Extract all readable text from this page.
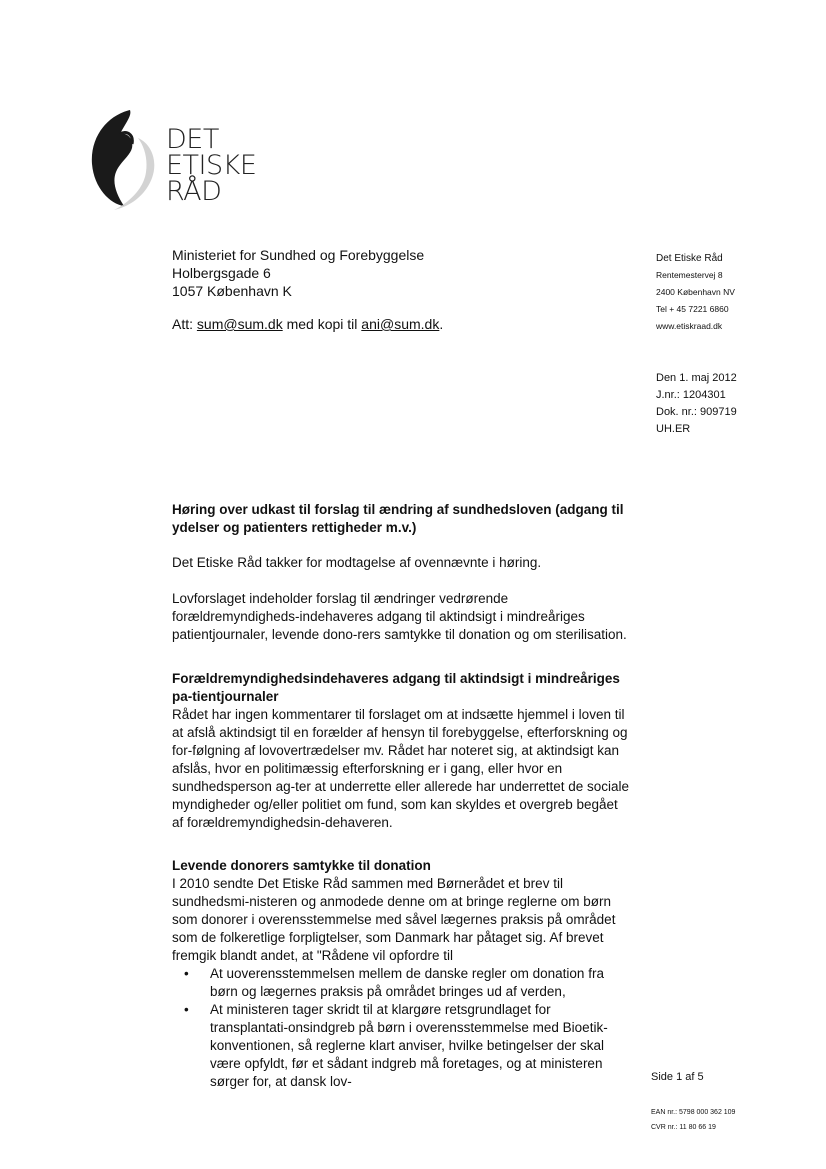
DET
ETISKE
RÅD
Ministeriet for Sundhed og Forebyggelse
Holbergsgade 6
1057 København K
Att: sum@sum.dk med kopi til ani@sum.dk.
Det Etiske Råd
Rentemestervej 8
2400 København NV
Tel + 45 7221 6860
www.etiskraad.dk
Den 1. maj 2012
J.nr.: 1204301
Dok. nr.: 909719
UH.ER
Høring over udkast til forslag til ændring af sundhedsloven (adgang til ydelser og patienters rettigheder m.v.)
Det Etiske Råd takker for modtagelse af ovennævnte i høring.
Lovforslaget indeholder forslag til ændringer vedrørende forældremyndigheds-indehaveres adgang til aktindsigt i mindreåriges patientjournaler, levende dono-rers samtykke til donation og om sterilisation.

Forældremyndighedsindehaveres adgang til aktindsigt i mindreåriges pa-tientjournaler

Rådet har ingen kommentarer til forslaget om at indsætte hjemmel i loven til at afslå aktindsigt til en forælder af hensyn til forebyggelse, efterforskning og for-følgning af lovovertrædelser mv. Rådet har noteret sig, at aktindsigt kan afslås, hvor en politimæssig efterforskning er i gang, eller hvor en sundhedsperson ag-ter at underrette eller allerede har underrettet de sociale myndigheder og/eller politiet om fund, som kan skyldes et overgreb begået af forældremyndighedsin-dehaveren.

Levende donorers samtykke til donation

I 2010 sendte Det Etiske Råd sammen med Børnerådet et brev til sundhedsmi-nisteren og anmodede denne om at bringe reglerne om børn som donorer i overensstemmelse med såvel lægernes praksis på området som de folkeretlige forpligtelser, som Danmark har påtaget sig. Af brevet fremgik blandt andet, at "Rådene vil opfordre til

• At uoverensstemmelsen mellem de danske regler om donation fra børn og lægernes praksis på området bringes ud af verden,
• At ministeren tager skridt til at klargøre retsgrundlaget for transplantati-onsindgreb på børn i overensstemmelse med Bioetik-konventionen, så reglerne klart anviser, hvilke betingelser der skal være opfyldt, før et sådant indgreb må foretages, og at ministeren sørger for, at dansk lov-	Side 1 af 5
EAN nr.: 5798 000 362 109
CVR nr.: 11 80 66 19
